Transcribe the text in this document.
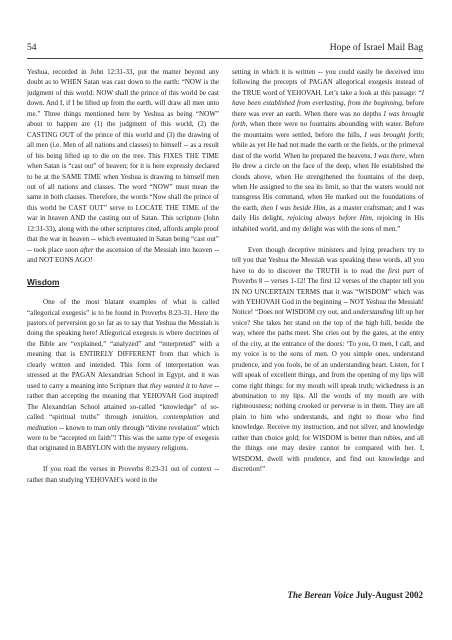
54	Hope of Israel Mail Bag

Yeshua, recorded in John 12:31-33, put the matter beyond any doubt as to WHEN Satan was cast down to the earth: “NOW is the judgment of this world: NOW shall the prince of this world be cast down. And I, if I be lifted up from the earth, will draw all men unto me.” Three things mentioned here by Yeshua as being “NOW” about to happen are (1) the judgment of this world, (2) the CASTING OUT of the prince of this world and (3) the drawing of all men (i.e. Men of all nations and classes) to himself -- as a result of his being lifted up to die on the tree. This FIXES THE TIME when Satan is “cast out” of heaven; for it is here expressly declared to be at the SAME TIME when Yeshua is drawing to himself men out of all nations and classes. The word “NOW” must mean the same in both clauses. Therefore, the words “Now shall the prince of this world be CAST OUT” serve to LOCATE THE TIME of the war in heaven AND the casting out of Satan. This scripture (John 12:31-33), along with the other scriptures cited, affords ample proof that the war in heaven -- which eventuated in Satan being “cast out” -- took place soon after the ascension of the Messiah into heaven -- and NOT EONS AGO!

Wisdom

One of the most blatant examples of what is called “allegorical exegesis” is to be found in Proverbs 8:23-31. Here the pastors of perversion go so far as to say that Yeshua the Messiah is doing the speaking here! Allegorical exegesis is where doctrines of the Bible are “explained,” “analyzed” and “interpreted” with a meaning that is ENTIRELY DIFFERENT from that which is clearly written and intended. This form of interpretation was stressed at the PAGAN Alexandrian School in Egypt, and it was used to carry a meaning into Scripture that they wanted it to have -- rather than accepting the meaning that YEHOVAH God inspired! The Alexandrian School attained so-called “knowledge” of so-called “spiritual truths” through intuition, contemplation and meditation -- known to man only through “divine revelation” which were to be “accepted on faith”! This was the same type of exegesis that originated in BABYLON with the mystery religions.

If you read the verses in Proverbs 8:23-31 out of context -- rather than studying YEHOVAH’s word in the

setting in which it is written -- you could easily be deceived into following the precepts of PAGAN allegorical exegesis instead of the TRUE word of YEHOVAH. Let’s take a look at this passage: “I have been established from everlasting, from the beginning, before there was ever an earth. When there was no depths I was brought forth, when there were no fountains abounding with water. Before the mountains were settled, before the hills, I was brought forth; while as yet He had not made the earth or the fields, or the primeval dust of the world. When he prepared the heavens, I was there, when He drew a circle on the face of the deep, when He established the clouds above, when He strengthened the fountains of the deep, when He assigned to the sea its limit, so that the waters would not transgress His command, when He marked out the foundations of the earth, then I was beside Him, as a master craftsman; and I was daily His delight, rejoicing always before Him, rejoicing in His inhabited world, and my delight was with the sons of men.”

Even though deceptive ministers and lying preachers try to tell you that Yeshua the Messiah was speaking these words, all you have to do to discover the TRUTH is to read the first part of Proverbs 8 -- verses 1-12! The first 12 verses of the chapter tell you IN NO UNCERTAIN TERMS that it was “WISDOM” which was with YEHOVAH God in the beginning -- NOT Yeshua the Messiah! Notice! “Does not WISDOM cry out, and understanding lift up her voice? She takes her stand on the top of the high hill, beside the way, where the paths meet. She cries out by the gates, at the entry of the city, at the entrance of the doors: ‘To you, O men, I call, and my voice is to the sons of men. O you simple ones, understand prudence, and you fools, be of an understanding heart. Listen, for I will speak of excellent things, and from the opening of my lips will come right things: for my mouth will speak truth; wickedness is an abomination to my lips. All the words of my mouth are with righteousness; nothing crooked or perverse is in them. They are all plain to him who understands, and right to those who find knowledge. Receive my instruction, and not silver, and knowledge rather than choice gold; for WISDOM is better than rubies, and all the things one may desire cannot be compared with her. I, WISDOM, dwell with prudence, and find out knowledge and discretion!”

The Berean Voice July-August 2002
